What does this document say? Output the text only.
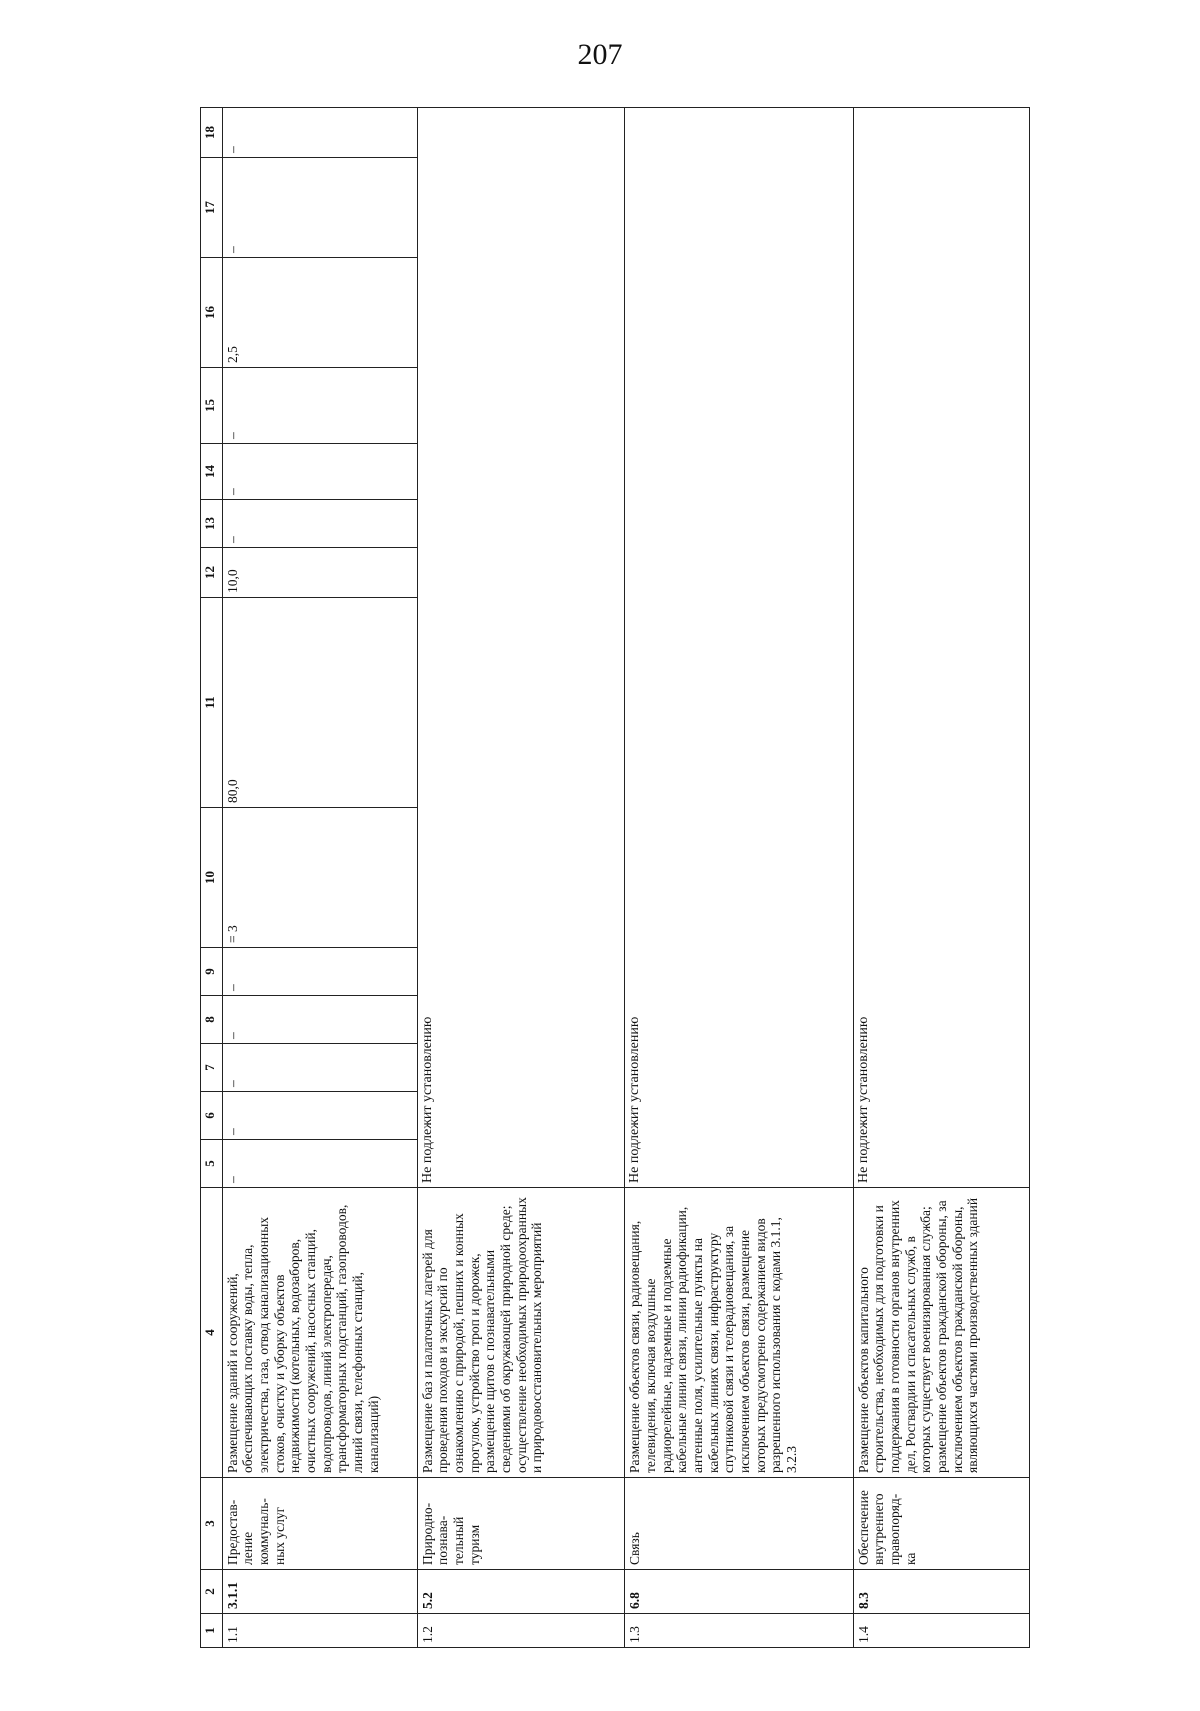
207
1	2	3	4	5	6	7	8	9	10	11	12	13	14	15	16	17	18
1.1	3.1.1	Предостав-ление коммуналь-ных услуг	Размещение зданий и сооружений, обеспечивающих поставку воды, тепла, электричества, газа, отвод канализационных стоков, очистку и уборку объектов недвижимости (котельных, водозаборов, очистных сооружений, насосных станций, водопроводов, линий электропередач, трансформаторных подстанций, газопроводов, линий связи, телефонных станций, канализаций)	–	–	–	–	–	= 3	80,0	10,0	–	–	–	2,5	–	–
1.2	5.2	Природно-познава-тельный туризм	Размещение баз и палаточных лагерей для проведения походов и экскурсий по ознакомлению с природой, пешних и конных прогулок, устройство троп и дорожек, размещение щитов с познавательными сведениями об окружающей природной среде; осуществление необходимых природоохранных и природовосстановительных мероприятий	Не подлежит установлению													
1.3	6.8	Связь	Размещение объектов связи, радиовещания, телевидения, включая воздушные радиорелейные, надземные и подземные кабельные линии связи, линии радиофикации, антенные поля, усилительные пункты на кабельных линиях связи, инфраструктуру спутниковой связи и телерадиовещания, за исключением объектов связи, размещение которых предусмотрено содержанием видов разрешенного использования с кодами 3.1.1, 3.2.3	Не подлежит установлению													
1.4	8.3	Обеспечение внутреннего правопоряд-ка	Размещение объектов капитального строительства, необходимых для подготовки и поддержания в готовности органов внутренних дел, Росгвардии и спасательных служб, в которых существует военизированная служба; размещение объектов гражданской обороны, за исключением объектов гражданской обороны, являющихся частями производственных зданий	Не подлежит установлению													
